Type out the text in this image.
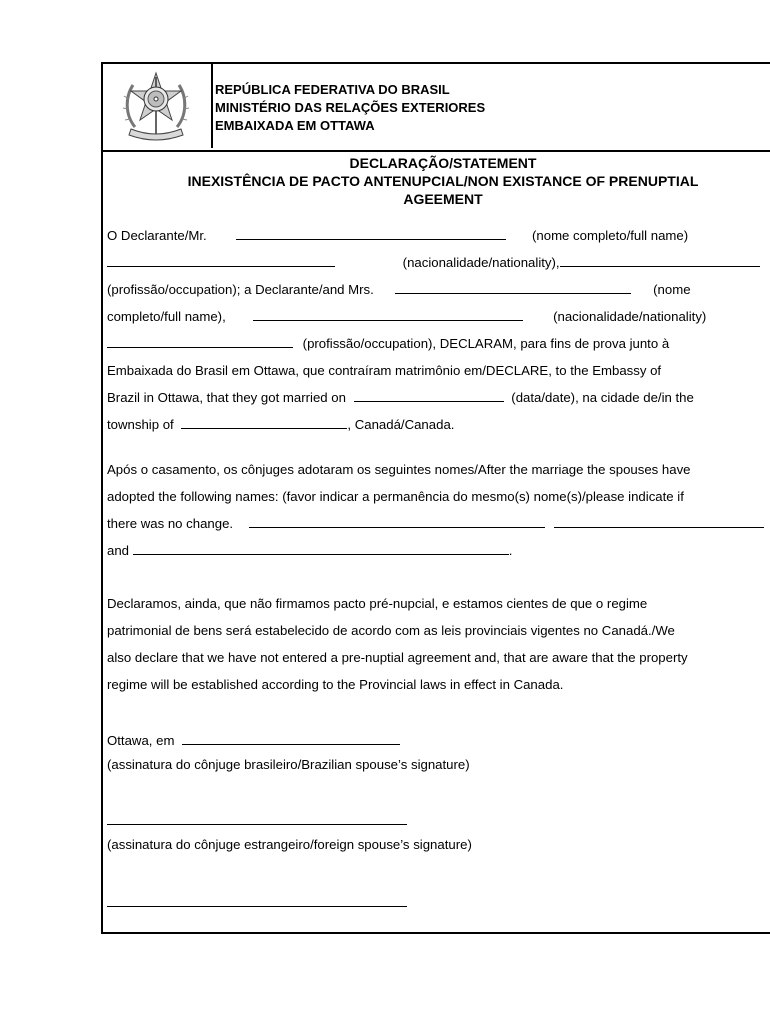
REPÚBLICA FEDERATIVA DO BRASIL
MINISTÉRIO DAS RELAÇÕES EXTERIORES
EMBAIXADA EM OTTAWA
DECLARAÇÃO/STATEMENT
INEXISTÊNCIA DE PACTO ANTENUPCIAL/NON EXISTANCE OF PRENUPTIAL
AGEEMENT
O Declarante/Mr.	(nome completo/full name)
(nacionalidade/nationality),
(profissão/occupation); a Declarante/and Mrs.	(nome
completo/full name),	(nacionalidade/nationality)
(profissão/occupation), DECLARAM, para fins de prova junto à
Embaixada do Brasil em Ottawa, que contraíram matrimônio em/DECLARE, to the Embassy of
Brazil in Ottawa, that they got married on	(data/date), na cidade de/in the
township of	, Canadá/Canada.
Após o casamento, os cônjuges adotaram os seguintes nomes/After the marriage the spouses have
adopted the following names: (favor indicar a permanência do mesmo(s) nome(s)/please indicate if
there was no change.
and	.
Declaramos, ainda, que não firmamos pacto pré-nupcial, e estamos cientes de que o regime
patrimonial de bens será estabelecido de acordo com as leis provinciais vigentes no Canadá./We
also declare that we have not entered a pre-nuptial agreement and, that are aware that the property
regime will be established according to the Provincial laws in effect in Canada.
Ottawa, em
(assinatura do cônjuge brasileiro/Brazilian spouse’s signature)
(assinatura do cônjuge estrangeiro/foreign spouse’s signature)
